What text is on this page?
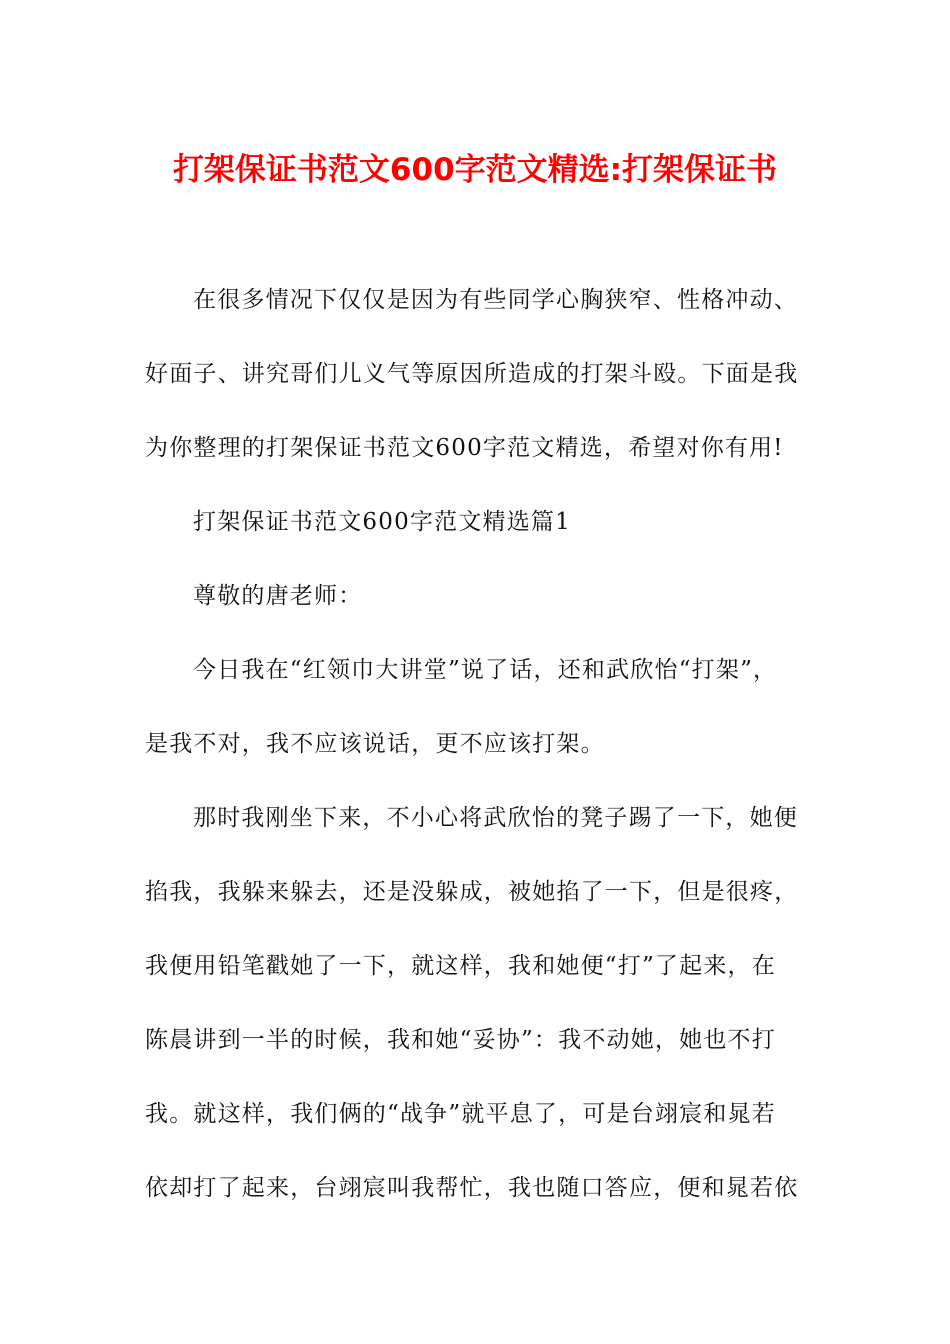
打架保证书范文600字范文精选:打架保证书
在很多情况下仅仅是因为有些同学心胸狭窄、性格冲动、
好面子、讲究哥们儿义气等原因所造成的打架斗殴。下面是我
为你整理的打架保证书范文600字范文精选，希望对你有用!
打架保证书范文600字范文精选篇1
尊敬的唐老师：
今日我在“红领巾大讲堂”说了话，还和武欣怡“打架”，
是我不对，我不应该说话，更不应该打架。
那时我刚坐下来，不小心将武欣怡的凳子踢了一下，她便
掐我，我躲来躲去，还是没躲成，被她掐了一下，但是很疼，
我便用铅笔戳她了一下，就这样，我和她便“打”了起来，在
陈晨讲到一半的时候，我和她“妥协”：我不动她，她也不打
我。就这样，我们俩的“战争”就平息了，可是台翊宸和晁若
依却打了起来，台翊宸叫我帮忙，我也随口答应，便和晁若依
